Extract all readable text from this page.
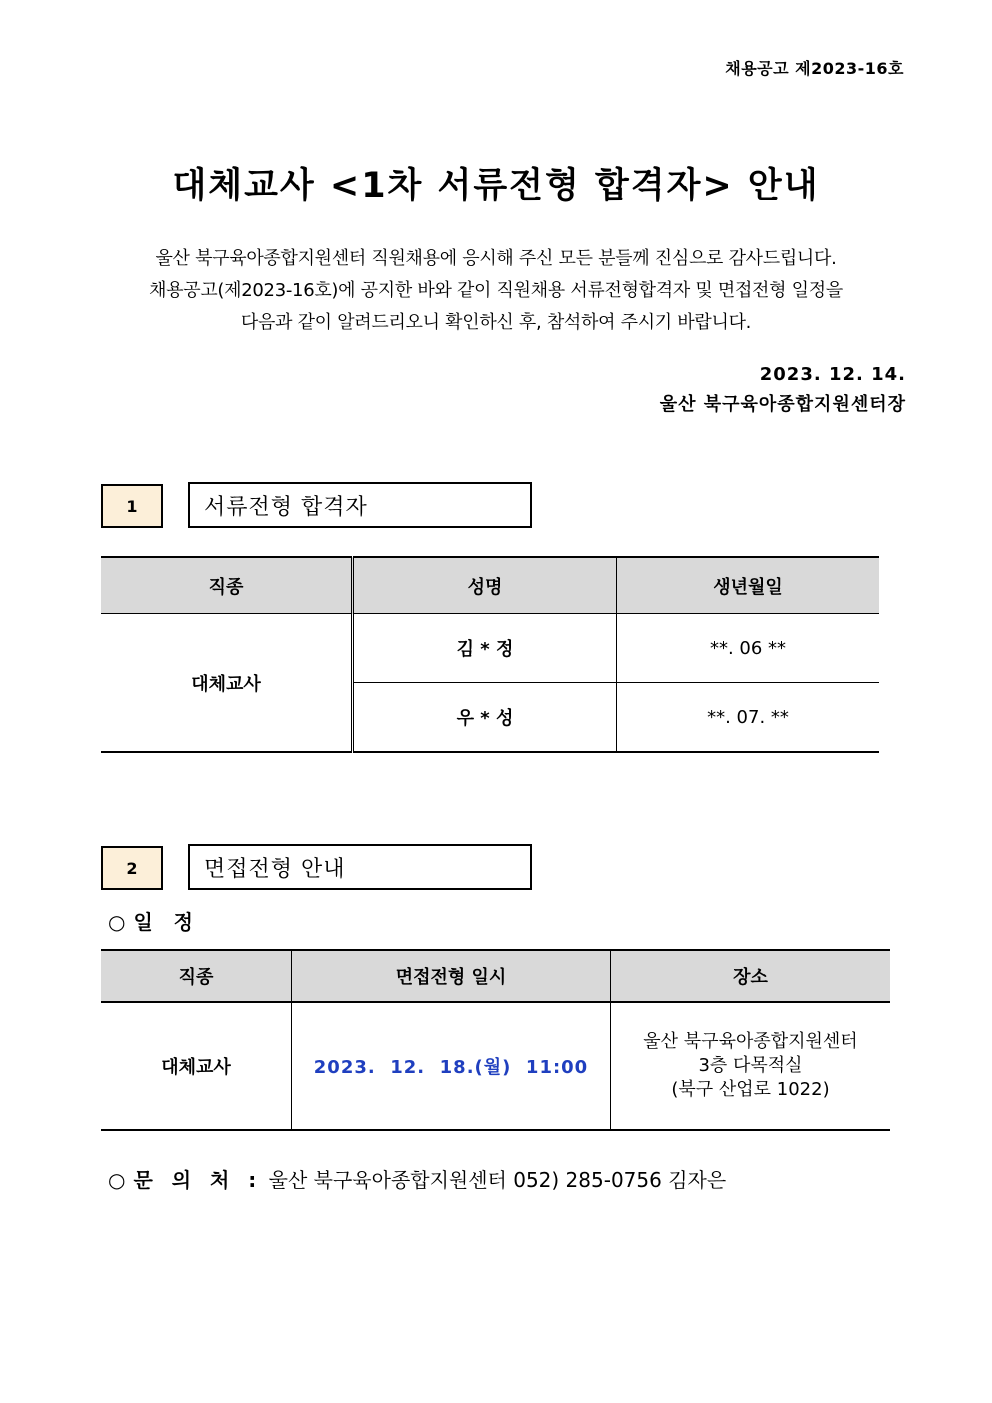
채용공고 제2023-16호
대체교사 <1차 서류전형 합격자> 안내
울산 북구육아종합지원센터 직원채용에 응시해 주신 모든 분들께 진심으로 감사드립니다.
채용공고(제2023-16호)에 공지한 바와 같이 직원채용 서류전형합격자 및 면접전형 일정을
다음과 같이 알려드리오니 확인하신 후, 참석하여 주시기 바랍니다.
2023. 12. 14.
울산 북구육아종합지원센터장
1	서류전형 합격자
직종	성명	생년월일
대체교사	김 * 정	**. 06 **
	우 * 성	**. 07. **
2	면접전형 안내
○ 일   정
직종	면접전형 일시	장소
대체교사	2023.  12.  18.(월)  11:00	울산 북구육아종합지원센터
3층 다목적실
(북구 산업로 1022)
○ 문 의 처 : 울산 북구육아종합지원센터 052) 285-0756 김자은
